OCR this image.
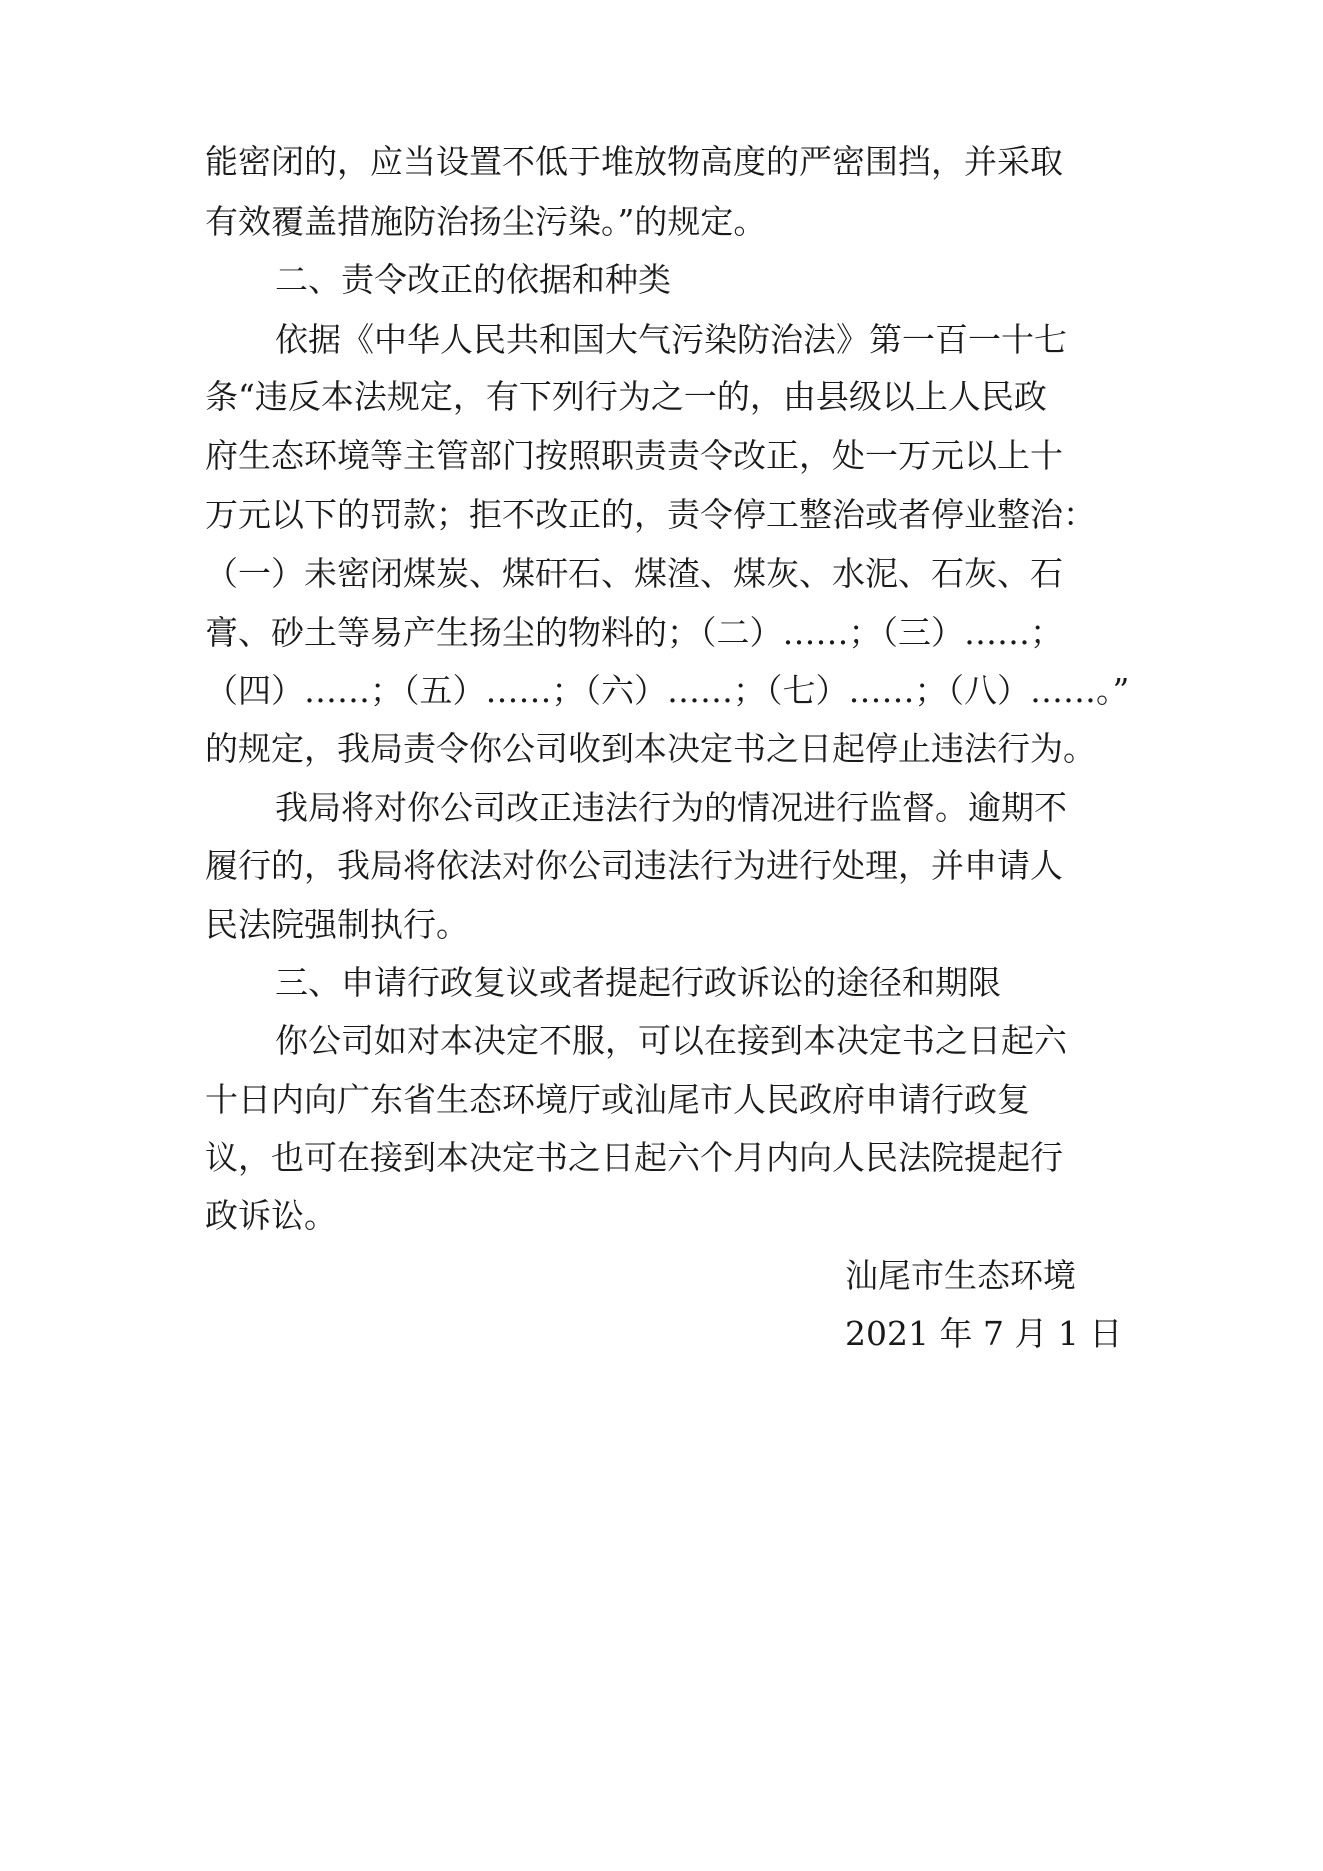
能密闭的，应当设置不低于堆放物高度的严密围挡，并采取
有效覆盖措施防治扬尘污染。”的规定。
二、责令改正的依据和种类
依据《中华人民共和国大气污染防治法》第一百一十七
条“违反本法规定，有下列行为之一的，由县级以上人民政
府生态环境等主管部门按照职责责令改正，处一万元以上十
万元以下的罚款；拒不改正的，责令停工整治或者停业整治：
（一）未密闭煤炭、煤矸石、煤渣、煤灰、水泥、石灰、石
膏、砂土等易产生扬尘的物料的；（二）……；（三）……；
（四）……；（五）……；（六）……；（七）……；（八）……。”
的规定，我局责令你公司收到本决定书之日起停止违法行为。
我局将对你公司改正违法行为的情况进行监督。逾期不
履行的，我局将依法对你公司违法行为进行处理，并申请人
民法院强制执行。
三、申请行政复议或者提起行政诉讼的途径和期限
你公司如对本决定不服，可以在接到本决定书之日起六
十日内向广东省生态环境厅或汕尾市人民政府申请行政复
议，也可在接到本决定书之日起六个月内向人民法院提起行
政诉讼。
汕尾市生态环境
2021 年 7 月 1 日
